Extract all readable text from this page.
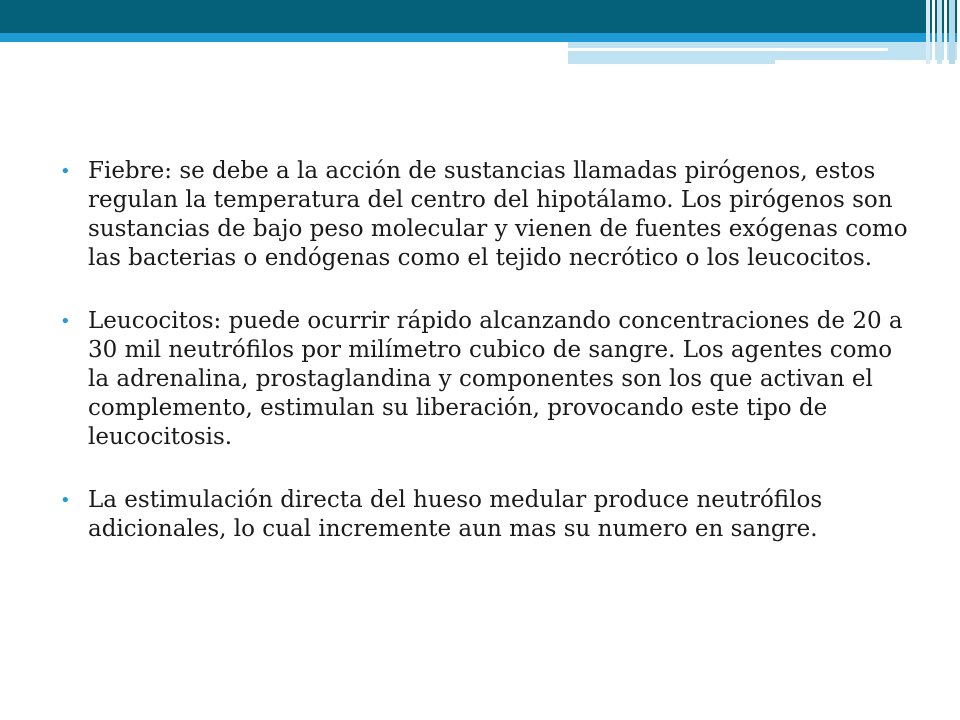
• Fiebre: se debe a la acción de sustancias llamadas pirógenos, estos regulan la temperatura del centro del hipotálamo. Los pirógenos son sustancias de bajo peso molecular y vienen de fuentes exógenas como las bacterias o endógenas como el tejido necrótico o los leucocitos.
• Leucocitos: puede ocurrir rápido alcanzando concentraciones de 20 a 30 mil neutrófilos por milímetro cubico de sangre. Los agentes como la adrenalina, prostaglandina y componentes son los que activan el complemento, estimulan su liberación, provocando este tipo de leucocitosis.
• La estimulación directa del hueso medular produce neutrófilos adicionales, lo cual incremente aun mas su numero en sangre.
